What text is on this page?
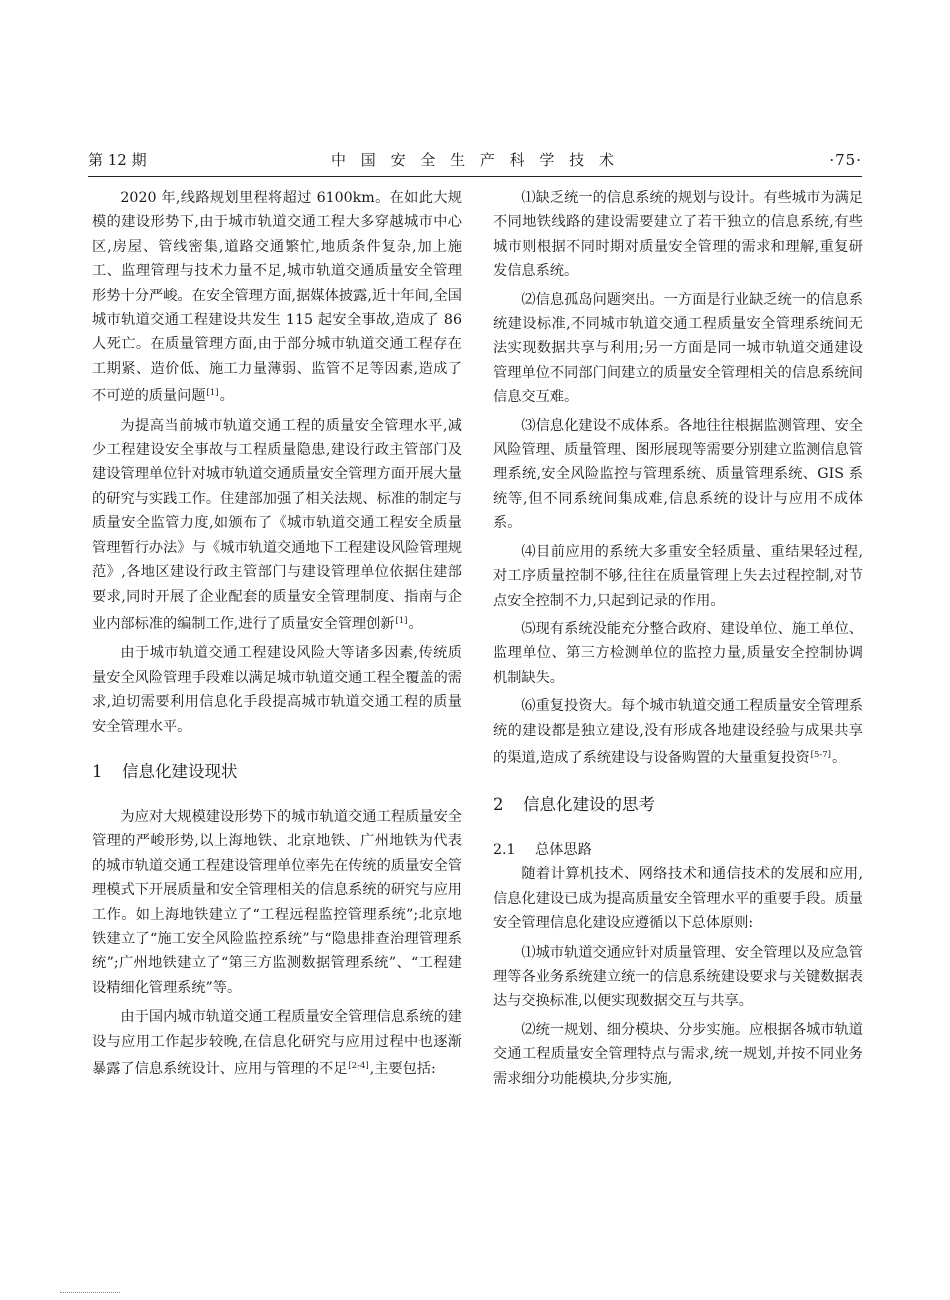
第 12 期	中 国 安 全 生 产 科 学 技 术	·75·

2020 年,线路规划里程将超过 6100km。在如此大规模的建设形势下,由于城市轨道交通工程大多穿越城市中心区,房屋、管线密集,道路交通繁忙,地质条件复杂,加上施工、监理管理与技术力量不足,城市轨道交通质量安全管理形势十分严峻。在安全管理方面,据媒体披露,近十年间,全国城市轨道交通工程建设共发生 115 起安全事故,造成了 86 人死亡。在质量管理方面,由于部分城市轨道交通工程存在工期紧、造价低、施工力量薄弱、监管不足等因素,造成了不可逆的质量问题[1]。

为提高当前城市轨道交通工程的质量安全管理水平,减少工程建设安全事故与工程质量隐患,建设行政主管部门及建设管理单位针对城市轨道交通质量安全管理方面开展大量的研究与实践工作。住建部加强了相关法规、标准的制定与质量安全监管力度,如颁布了《城市轨道交通工程安全质量管理暂行办法》与《城市轨道交通地下工程建设风险管理规范》,各地区建设行政主管部门与建设管理单位依据住建部要求,同时开展了企业配套的质量安全管理制度、指南与企业内部标准的编制工作,进行了质量安全管理创新[1]。

由于城市轨道交通工程建设风险大等诸多因素,传统质量安全风险管理手段难以满足城市轨道交通工程全覆盖的需求,迫切需要利用信息化手段提高城市轨道交通工程的质量安全管理水平。

1 信息化建设现状

为应对大规模建设形势下的城市轨道交通工程质量安全管理的严峻形势,以上海地铁、北京地铁、广州地铁为代表的城市轨道交通工程建设管理单位率先在传统的质量安全管理模式下开展质量和安全管理相关的信息系统的研究与应用工作。如上海地铁建立了“工程远程监控管理系统”;北京地铁建立了“施工安全风险监控系统”与“隐患排查治理管理系统”;广州地铁建立了“第三方监测数据管理系统”、“工程建设精细化管理系统”等。

由于国内城市轨道交通工程质量安全管理信息系统的建设与应用工作起步较晚,在信息化研究与应用过程中也逐渐暴露了信息系统设计、应用与管理的不足[2-4],主要包括:

⑴缺乏统一的信息系统的规划与设计。有些城市为满足不同地铁线路的建设需要建立了若干独立的信息系统,有些城市则根据不同时期对质量安全管理的需求和理解,重复研发信息系统。

⑵信息孤岛问题突出。一方面是行业缺乏统一的信息系统建设标准,不同城市轨道交通工程质量安全管理系统间无法实现数据共享与利用;另一方面是同一城市轨道交通建设管理单位不同部门间建立的质量安全管理相关的信息系统间信息交互难。

⑶信息化建设不成体系。各地往往根据监测管理、安全风险管理、质量管理、图形展现等需要分别建立监测信息管理系统,安全风险监控与管理系统、质量管理系统、GIS 系统等,但不同系统间集成难,信息系统的设计与应用不成体系。

⑷目前应用的系统大多重安全轻质量、重结果轻过程,对工序质量控制不够,往往在质量管理上失去过程控制,对节点安全控制不力,只起到记录的作用。

⑸现有系统没能充分整合政府、建设单位、施工单位、监理单位、第三方检测单位的监控力量,质量安全控制协调机制缺失。

⑹重复投资大。每个城市轨道交通工程质量安全管理系统的建设都是独立建设,没有形成各地建设经验与成果共享的渠道,造成了系统建设与设备购置的大量重复投资[5-7]。

2 信息化建设的思考
2.1 总体思路

随着计算机技术、网络技术和通信技术的发展和应用,信息化建设已成为提高质量安全管理水平的重要手段。质量安全管理信息化建设应遵循以下总体原则:

⑴城市轨道交通应针对质量管理、安全管理以及应急管理等各业务系统建立统一的信息系统建设要求与关键数据表达与交换标准,以便实现数据交互与共享。

⑵统一规划、细分模块、分步实施。应根据各城市轨道交通工程质量安全管理特点与需求,统一规划,并按不同业务需求细分功能模块,分步实施,
